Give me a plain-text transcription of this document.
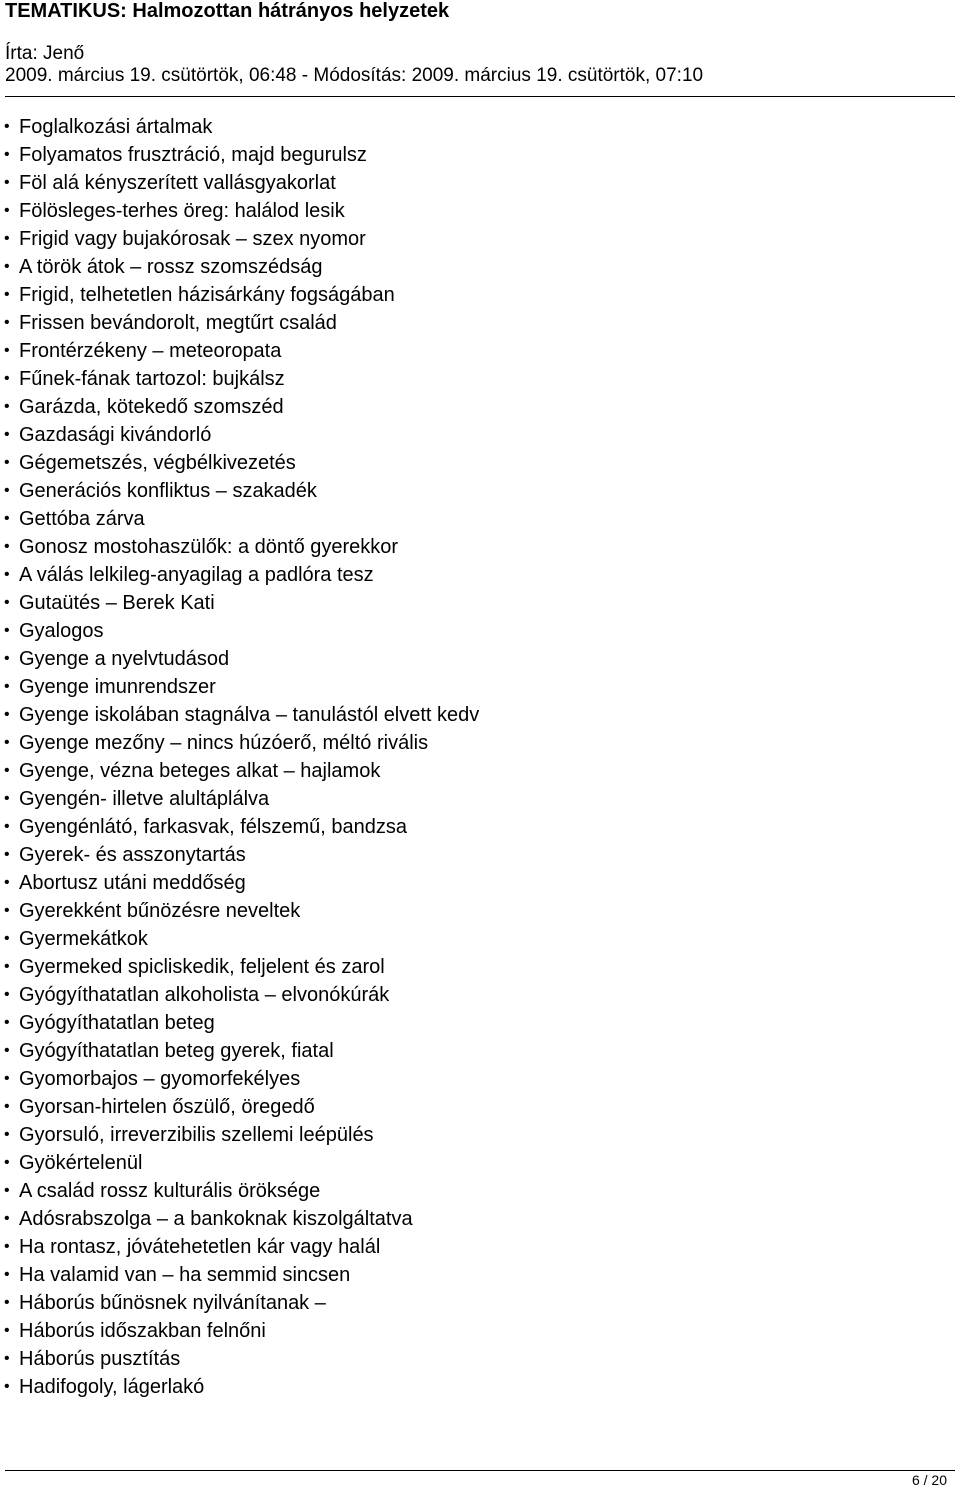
TEMATIKUS: Halmozottan hátrányos helyzetek
Írta: Jenő
2009. március 19. csütörtök, 06:48 - Módosítás: 2009. március 19. csütörtök, 07:10
• Foglalkozási ártalmak
• Folyamatos frusztráció, majd begurulsz
• Föl alá kényszerített vallásgyakorlat
• Fölösleges-terhes öreg: halálod lesik
• Frigid vagy bujakórosak – szex nyomor
• A török átok – rossz szomszédság
• Frigid, telhetetlen házisárkány fogságában
• Frissen bevándorolt, megtűrt család
• Frontérzékeny – meteoropata
• Fűnek-fának tartozol: bujkálsz
• Garázda, kötekedő szomszéd
• Gazdasági kivándorló
• Gégemetszés, végbélkivezetés
• Generációs konfliktus – szakadék
• Gettóba zárva
• Gonosz mostohaszülők: a döntő gyerekkor
• A válás lelkileg-anyagilag a padlóra tesz
• Gutaütés – Berek Kati
• Gyalogos
• Gyenge a nyelvtudásod
• Gyenge imunrendszer
• Gyenge iskolában stagnálva – tanulástól elvett kedv
• Gyenge mezőny – nincs húzóerő, méltó rivális
• Gyenge, vézna beteges alkat – hajlamok
• Gyengén- illetve alultáplálva
• Gyengénlátó, farkasvak, félszemű, bandzsa
• Gyerek- és asszonytartás
• Abortusz utáni meddőség
• Gyerekként bűnözésre neveltek
• Gyermekátkok
• Gyermeked spicliskedik, feljelent és zarol
• Gyógyíthatatlan alkoholista – elvonókúrák
• Gyógyíthatatlan beteg
• Gyógyíthatatlan beteg gyerek, fiatal
• Gyomorbajos – gyomorfekélyes
• Gyorsan-hirtelen őszülő, öregedő
• Gyorsuló, irreverzibilis szellemi leépülés
• Gyökértelenül
• A család rossz kulturális öröksége
• Adósrabszolga – a bankoknak kiszolgáltatva
• Ha rontasz, jóvátehetetlen kár vagy halál
• Ha valamid van – ha semmid sincsen
• Háborús bűnösnek nyilvánítanak –
• Háborús időszakban felnőni
• Háborús pusztítás
• Hadifogoly, lágerlakó
6 / 20
